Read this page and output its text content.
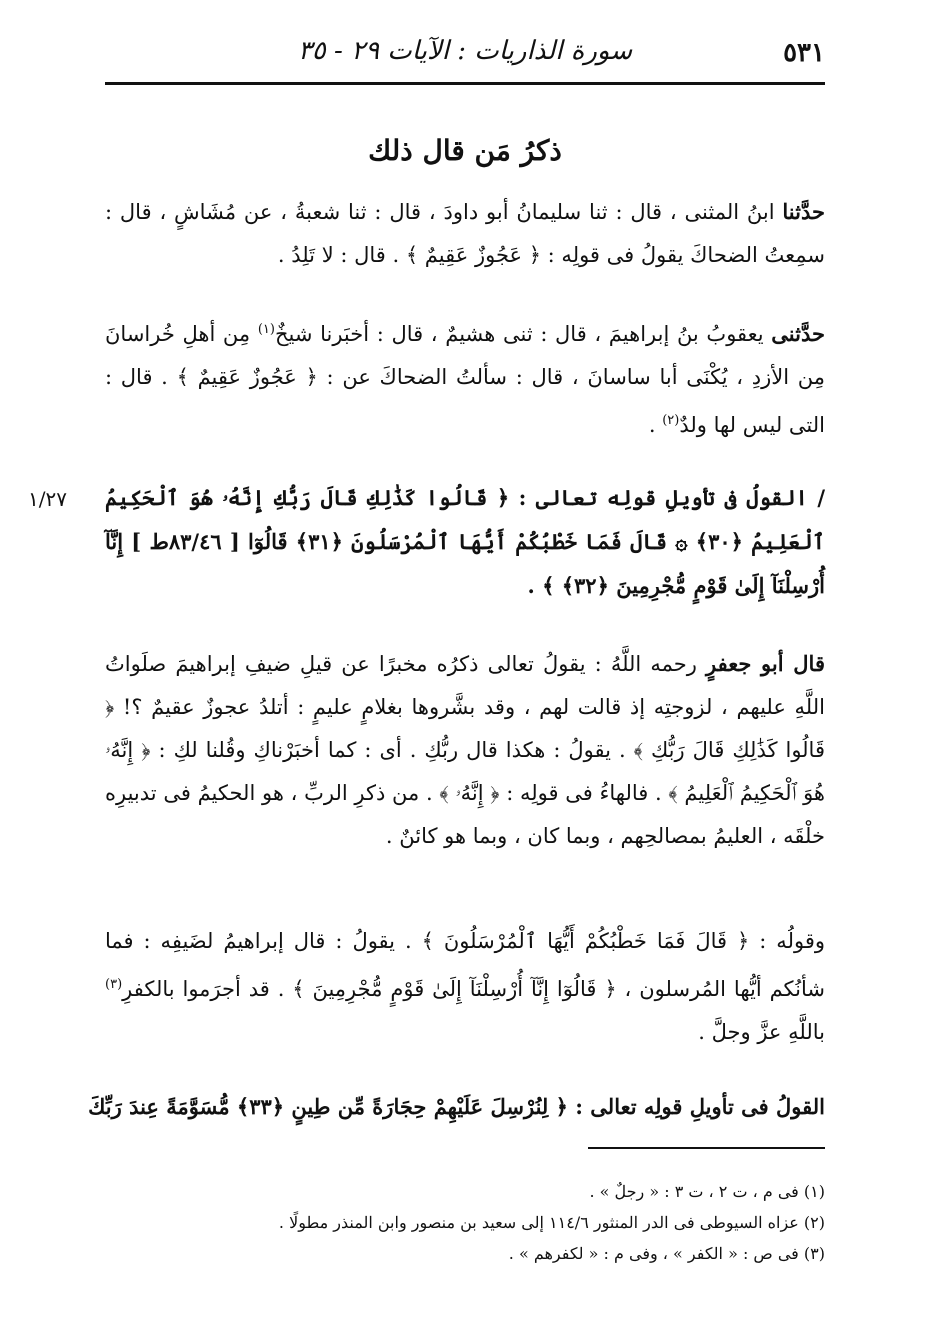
٥٣١
سورة الذاريات : الآيات ٢٩ - ٣٥
ذكرُ مَن قال ذلك

حدَّثنا ابنُ المثنى ، قال : ثنا سليمانُ أبو داودَ ، قال : ثنا شعبةُ ، عن مُشَاشٍ ، قال : سمِعتُ الضحاكَ يقولُ فى قولِه : ﴿ عَجُوزٌ عَقِيمٌ ﴾ . قال : لا تَلِدُ .

حدَّثنى يعقوبُ بنُ إبراهيمَ ، قال : ثنى هشيمٌ ، قال : أخبَرنا شيخٌ$^{(١)}$ مِن أهلِ خُراسانَ مِن الأزدِ ، يُكْنَى أبا ساسانَ ، قال : سألتُ الضحاكَ عن : ﴿ عَجُوزٌ عَقِيمٌ ﴾ . قال : التى ليس لها ولدٌ$^{(٢)}$ .

١/٢٧	/ القولُ فى تأويلِ قولِه تعالى : ﴿ قَالُوا كَذَٰلِكِ قَالَ رَبُّكِ إِنَّهُۥ هُوَ ٱلْحَكِيمُ ٱلْعَلِيمُ ﴿٣٠﴾ ۞ قَالَ فَمَا خَطْبُكُمْ أَيُّهَا ٱلْمُرْسَلُونَ ﴿٣١﴾ قَالُوٓا [ ٨٣/٤٦ط ] إِنَّآ أُرْسِلْنَآ إِلَىٰ قَوْمٍ مُّجْرِمِينَ ﴿٣٢﴾ ﴾ .

قال أبو جعفرٍ رحمه اللَّهُ : يقولُ تعالى ذكرُه مخبرًا عن قيلِ ضيفِ إبراهيمَ صلَواتُ اللَّهِ عليهم ، لزوجتِه إذ قالت لهم ، وقد بشَّروها بغلامٍ عليمٍ : أتلدُ عجوزٌ عقيمٌ ؟! ﴿ قَالُوا كَذَٰلِكِ قَالَ رَبُّكِ ﴾ . يقولُ : هكذا قال ربُّكِ . أى : كما أخبَرْناكِ وقُلنا لكِ : ﴿ إِنَّهُۥ هُوَ ٱلْحَكِيمُ ٱلْعَلِيمُ ﴾ . فالهاءُ فى قولِه : ﴿ إِنَّهُۥ ﴾ . من ذكرِ الربِّ ، هو الحكيمُ فى تدبيرِه خلْقَه ، العليمُ بمصالحِهم ، وبما كان ، وبما هو كائنٌ .

وقولُه : ﴿ قَالَ فَمَا خَطْبُكُمْ أَيُّهَا ٱلْمُرْسَلُونَ ﴾ . يقولُ : قال إبراهيمُ لضَيفِه : فما شأنُكم أيُّها المُرسلون ، ﴿ قَالُوٓا إِنَّآ أُرْسِلْنَآ إِلَىٰ قَوْمٍ مُّجْرِمِينَ ﴾ . قد أجرَموا بالكفرِ$^{(٣)}$ باللَّهِ عزَّ وجلَّ .

القولُ فى تأويلِ قولِه تعالى : ﴿ لِنُرْسِلَ عَلَيْهِمْ حِجَارَةً مِّن طِينٍ ﴿٣٣﴾ مُّسَوَّمَةً عِندَ رَبِّكَ

(١) فى م ، ت ٢ ، ت ٣ : « رجلٌ » .
(٢) عزاه السيوطى فى الدر المنثور ١١٤/٦ إلى سعيد بن منصور وابن المنذر مطولًا .
(٣) فى ص : « الكفر » ، وفى م : « لكفرهم » .
